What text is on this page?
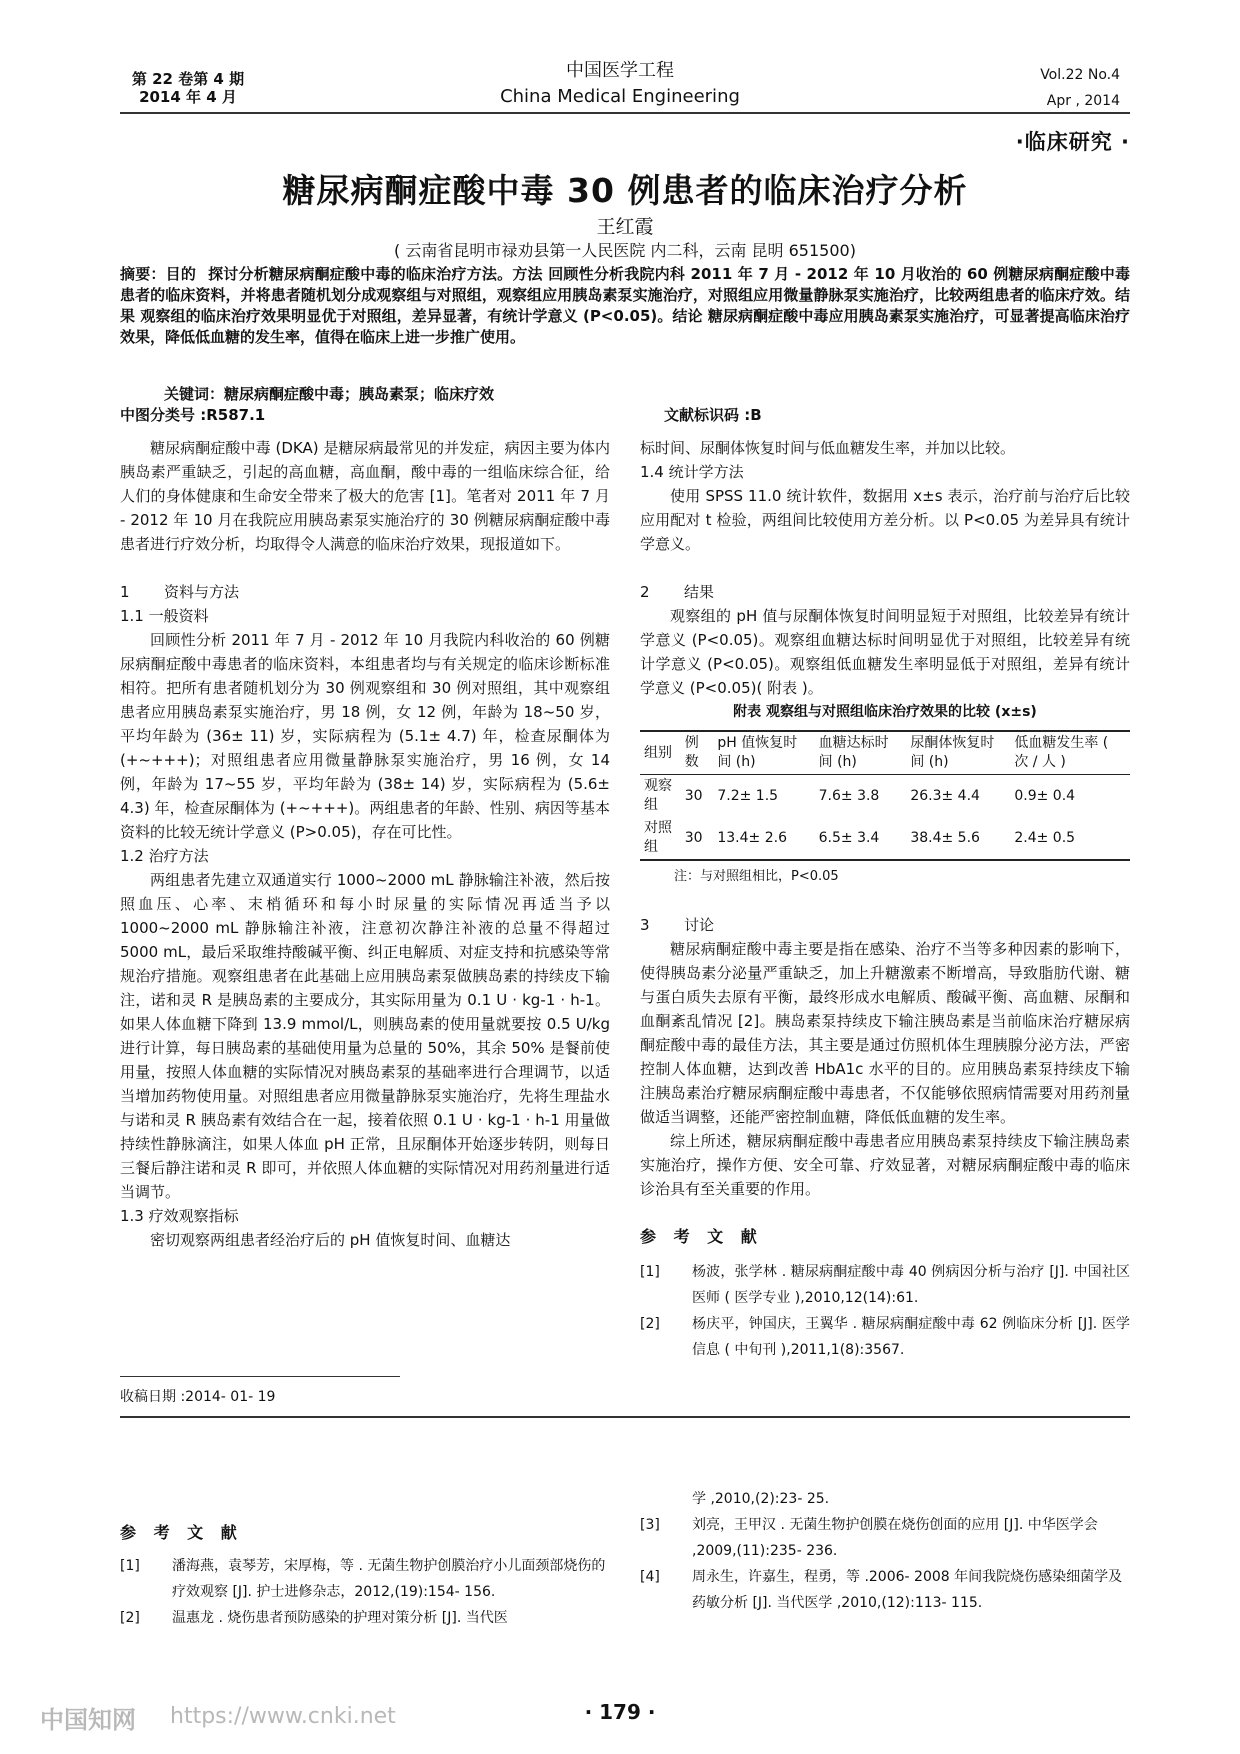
第 22 卷第 4 期
2014 年 4 月
中国医学工程
China Medical Engineering
Vol.22 No.4
Apr , 2014
·临床研究 ·
糖尿病酮症酸中毒 30 例患者的临床治疗分析
王红霞
( 云南省昆明市禄劝县第一人民医院 内二科，云南 昆明 651500)
摘要：目的 探讨分析糖尿病酮症酸中毒的临床治疗方法。方法 回顾性分析我院内科 2011 年 7 月 - 2012 年 10 月收治的 60 例糖尿病酮症酸中毒患者的临床资料，并将患者随机划分成观察组与对照组，观察组应用胰岛素泵实施治疗，对照组应用微量静脉泵实施治疗，比较两组患者的临床疗效。结果 观察组的临床治疗效果明显优于对照组，差异显著，有统计学意义 (P<0.05)。结论 糖尿病酮症酸中毒应用胰岛素泵实施治疗，可显著提高临床治疗效果，降低低血糖的发生率，值得在临床上进一步推广使用。
关键词：糖尿病酮症酸中毒；胰岛素泵；临床疗效
中图分类号 :R587.1	文献标识码 :B

糖尿病酮症酸中毒 (DKA) 是糖尿病最常见的并发症，病因主要为体内胰岛素严重缺乏，引起的高血糖，高血酮，酸中毒的一组临床综合征，给人们的身体健康和生命安全带来了极大的危害 [1]。笔者对 2011 年 7 月 - 2012 年 10 月在我院应用胰岛素泵实施治疗的 30 例糖尿病酮症酸中毒患者进行疗效分析，均取得令人满意的临床治疗效果，现报道如下。

1 资料与方法
1.1 一般资料

回顾性分析 2011 年 7 月 - 2012 年 10 月我院内科收治的 60 例糖尿病酮症酸中毒患者的临床资料，本组患者均与有关规定的临床诊断标准相符。把所有患者随机划分为 30 例观察组和 30 例对照组，其中观察组患者应用胰岛素泵实施治疗，男 18 例，女 12 例，年龄为 18~50 岁，平均年龄为 (36± 11) 岁，实际病程为 (5.1± 4.7) 年，检查尿酮体为 (+~+++)；对照组患者应用微量静脉泵实施治疗，男 16 例，女 14 例，年龄为 17~55 岁，平均年龄为 (38± 14) 岁，实际病程为 (5.6± 4.3) 年，检查尿酮体为 (+~+++)。两组患者的年龄、性别、病因等基本资料的比较无统计学意义 (P>0.05)，存在可比性。

1.2 治疗方法

两组患者先建立双通道实行 1000~2000 mL 静脉输注补液，然后按照血压、心率、末梢循环和每小时尿量的实际情况再适当予以 1000~2000 mL 静脉输注补液，注意初次静注补液的总量不得超过 5000 mL，最后采取维持酸碱平衡、纠正电解质、对症支持和抗感染等常规治疗措施。观察组患者在此基础上应用胰岛素泵做胰岛素的持续皮下输注，诺和灵 R 是胰岛素的主要成分，其实际用量为 0.1 U · kg-1 · h-1。如果人体血糖下降到 13.9 mmol/L，则胰岛素的使用量就要按 0.5 U/kg 进行计算，每日胰岛素的基础使用量为总量的 50%，其余 50% 是餐前使用量，按照人体血糖的实际情况对胰岛素泵的基础率进行合理调节，以适当增加药物使用量。对照组患者应用微量静脉泵实施治疗，先将生理盐水与诺和灵 R 胰岛素有效结合在一起，接着依照 0.1 U · kg-1 · h-1 用量做持续性静脉滴注，如果人体血 pH 正常，且尿酮体开始逐步转阴，则每日三餐后静注诺和灵 R 即可，并依照人体血糖的实际情况对用药剂量进行适当调节。

1.3 疗效观察指标

密切观察两组患者经治疗后的 pH 值恢复时间、血糖达

标时间、尿酮体恢复时间与低血糖发生率，并加以比较。

1.4 统计学方法

使用 SPSS 11.0 统计软件，数据用 x±s 表示，治疗前与治疗后比较应用配对 t 检验，两组间比较使用方差分析。以 P<0.05 为差异具有统计学意义。

2 结果

观察组的 pH 值与尿酮体恢复时间明显短于对照组，比较差异有统计学意义 (P<0.05)。观察组血糖达标时间明显优于对照组，比较差异有统计学意义 (P<0.05)。观察组低血糖发生率明显低于对照组，差异有统计学意义 (P<0.05)( 附表 )。

附表 观察组与对照组临床治疗效果的比较 (x±s)
组别	例数	pH 值恢复时间 (h)	血糖达标时间 (h)	尿酮体恢复时间 (h)	低血糖发生率 ( 次 / 人 )
观察组	30	7.2± 1.5	7.6± 3.8	26.3± 4.4	0.9± 0.4
对照组	30	13.4± 2.6	6.5± 3.4	38.4± 5.6	2.4± 0.5
注：与对照组相比，P<0.05
3 讨论

糖尿病酮症酸中毒主要是指在感染、治疗不当等多种因素的影响下，使得胰岛素分泌量严重缺乏，加上升糖激素不断增高，导致脂肪代谢、糖与蛋白质失去原有平衡，最终形成水电解质、酸碱平衡、高血糖、尿酮和血酮紊乱情况 [2]。胰岛素泵持续皮下输注胰岛素是当前临床治疗糖尿病酮症酸中毒的最佳方法，其主要是通过仿照机体生理胰腺分泌方法，严密控制人体血糖，达到改善 HbA1c 水平的目的。应用胰岛素泵持续皮下输注胰岛素治疗糖尿病酮症酸中毒患者，不仅能够依照病情需要对用药剂量做适当调整，还能严密控制血糖，降低低血糖的发生率。

综上所述，糖尿病酮症酸中毒患者应用胰岛素泵持续皮下输注胰岛素实施治疗，操作方便、安全可靠、疗效显著，对糖尿病酮症酸中毒的临床诊治具有至关重要的作用。

参 考 文 献
[1] 杨波，张学林 . 糖尿病酮症酸中毒 40 例病因分析与治疗 [J]. 中国社区医师 ( 医学专业 ),2010,12(14):61.
[2] 杨庆平，钟国庆，王翼华 . 糖尿病酮症酸中毒 62 例临床分析 [J]. 医学信息 ( 中旬刊 ),2011,1(8):3567.
收稿日期 :2014- 01- 19
参 考 文 献
[1] 潘海燕，袁琴芳，宋厚梅，等 . 无菌生物护创膜治疗小儿面颈部烧伤的疗效观察 [J]. 护士进修杂志，2012,(19):154- 156.
[2] 温惠龙 . 烧伤患者预防感染的护理对策分析 [J]. 当代医
学 ,2010,(2):23- 25.
[3] 刘亮，王甲汉 . 无菌生物护创膜在烧伤创面的应用 [J]. 中华医学会 ,2009,(11):235- 236.
[4] 周永生，许嘉生，程勇，等 .2006- 2008 年间我院烧伤感染细菌学及药敏分析 [J]. 当代医学 ,2010,(12):113- 115.
· 179 ·
中国知网 https://www.cnki.net
